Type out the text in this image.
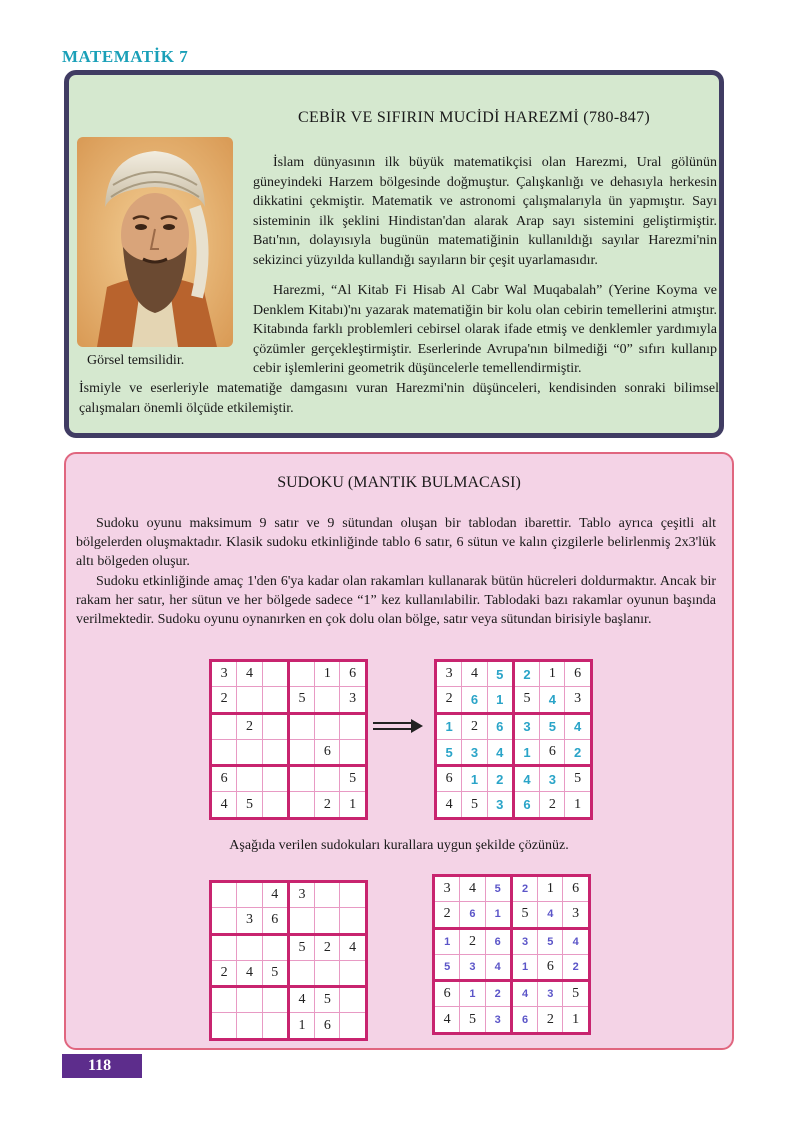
MATEMATİK 7
CEBİR VE SIFIRIN MUCİDİ HAREZMİ (780-847)
Görsel temsilidir.

İslam dünyasının ilk büyük matematikçisi olan Harezmi, Ural gölünün güneyindeki Harzem bölgesinde doğmuştur. Çalışkanlığı ve dehasıyla herkesin dikkatini çekmiştir. Matematik ve astronomi çalışmalarıyla ün yapmıştır. Sayı sisteminin ilk şeklini Hindistan'dan alarak Arap sayı sistemini geliştirmiştir. Batı'nın, dolayısıyla bugünün matematiğinin kullanıldığı sayılar Harezmi'nin sekizinci yüzyılda kullandığı sayıların bir çeşit uyarlamasıdır.

Harezmi, “Al Kitab Fi Hisab Al Cabr Wal Muqabalah” (Yerine Koyma ve Denklem Kitabı)'nı yazarak matematiğin bir kolu olan cebirin temellerini atmıştır. Kitabında farklı problemleri cebirsel olarak ifade etmiş ve denklemler yardımıyla çözümler gerçekleştirmiştir. Eserlerinde Avrupa'nın bilmediği “0” sıfırı kullanıp cebir işlemlerini geometrik düşüncelerle temellendirmiştir.

İsmiyle ve eserleriyle matematiğe damgasını vuran Harezmi'nin düşünceleri, kendisinden sonraki bilimsel çalışmaları önemli ölçüde etkilemiştir.

SUDOKU (MANTIK BULMACASI)

Sudoku oyunu maksimum 9 satır ve 9 sütundan oluşan bir tablodan ibarettir. Tablo ayrıca çeşitli alt bölgelerden oluşmaktadır. Klasik sudoku etkinliğinde tablo 6 satır, 6 sütun ve kalın çizgilerle belirlenmiş 2x3'lük altı bölgeden oluşur.

Sudoku etkinliğinde amaç 1'den 6'ya kadar olan rakamları kullanarak bütün hücreleri doldurmaktır. Ancak bir rakam her satır, her sütun ve her bölgede sadece “1” kez kullanılabilir. Tablodaki bazı rakamlar oyunun başında verilmektedir. Sudoku oyunu oynanırken en çok dolu olan bölge, satır veya sütundan birisiyle başlanır.

3	4			1	6
2			5		3
	2				
				6	
6					5
4	5			2	1
3	4	5	2	1	6
2	6	1	5	4	3
1	2	6	3	5	4
5	3	4	1	6	2
6	1	2	4	3	5
4	5	3	6	2	1
Aşağıda verilen sudokuları kurallara uygun şekilde çözünüz.
		4	3		
	3	6			
			5	2	4
2	4	5			
			4	5	
			1	6	
3	4	5	2	1	6
2	6	1	5	4	3
1	2	6	3	5	4
5	3	4	1	6	2
6	1	2	4	3	5
4	5	3	6	2	1
118
